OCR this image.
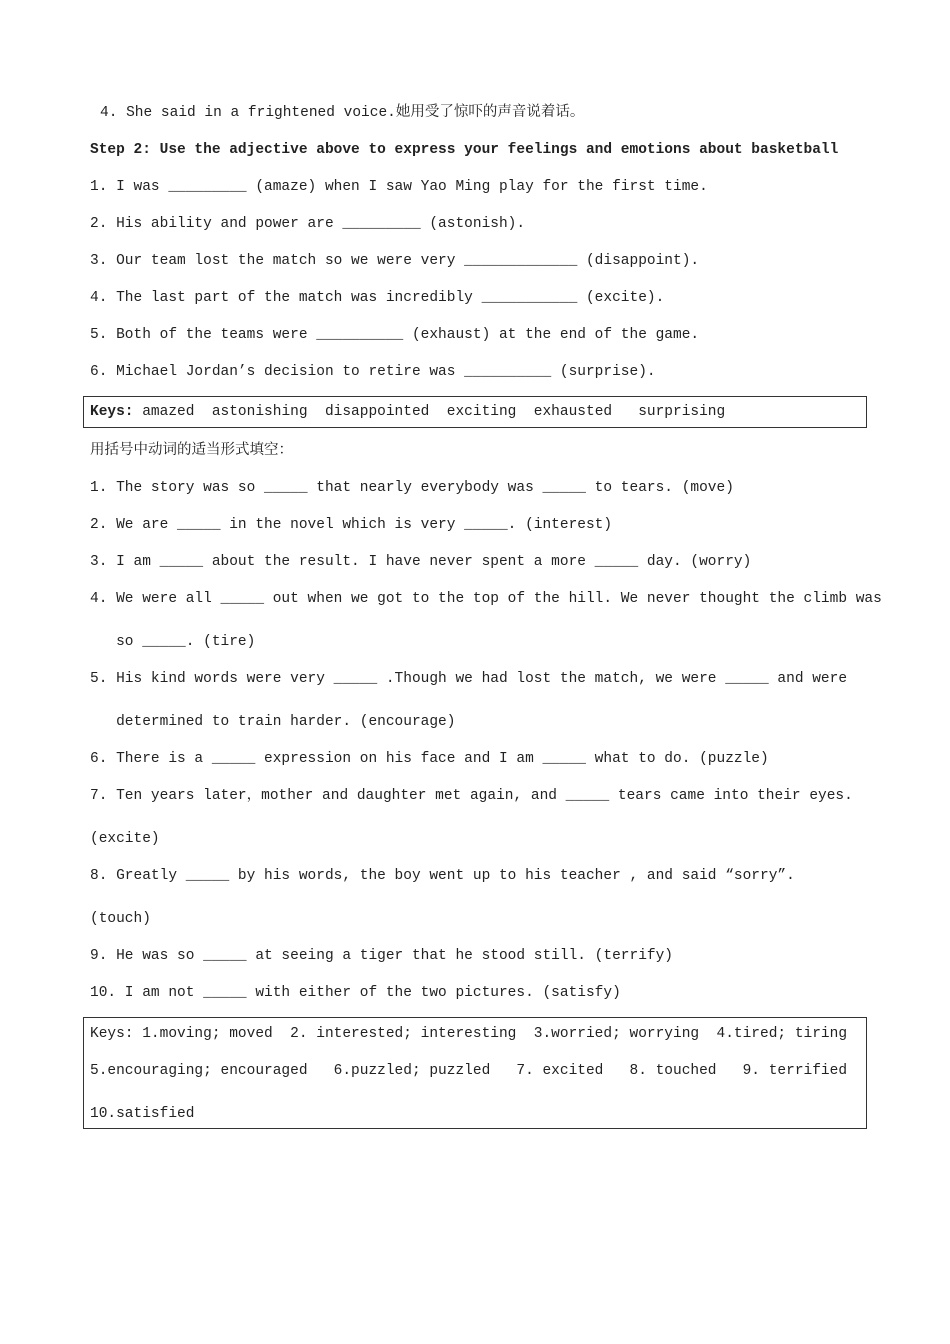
4. She said in a frightened voice.她用受了惊吓的声音说着话。
Step 2: Use the adjective above to express your feelings and emotions about basketball
1. I was _________ (amaze) when I saw Yao Ming play for the first time.
2. His ability and power are _________ (astonish).
3. Our team lost the match so we were very _____________ (disappoint).
4. The last part of the match was incredibly ___________ (excite).
5. Both of the teams were __________ (exhaust) at the end of the game.
6. Michael Jordan’s decision to retire was __________ (surprise).
Keys: amazed  astonishing  disappointed  exciting  exhausted   surprising
用括号中动词的适当形式填空：
1. The story was so _____ that nearly everybody was _____ to tears. (move)
2. We are _____ in the novel which is very _____. (interest)
3. I am _____ about the result. I have never spent a more _____ day. (worry)
4. We were all _____ out when we got to the top of the hill. We never thought the climb was
so _____. (tire)
5. His kind words were very _____ .Though we had lost the match, we were _____ and were
determined to train harder. (encourage)
6. There is a _____ expression on his face and I am _____ what to do. (puzzle)
7. Ten years later，mother and daughter met again, and _____ tears came into their eyes.
(excite)
8. Greatly _____ by his words, the boy went up to his teacher , and said “sorry”.
(touch)
9. He was so _____ at seeing a tiger that he stood still. (terrify)
10. I am not _____ with either of the two pictures. (satisfy)
Keys: 1.moving; moved  2. interested; interesting  3.worried; worrying  4.tired; tiring
5.encouraging; encouraged   6.puzzled; puzzled   7. excited   8. touched   9. terrified
10.satisfied
